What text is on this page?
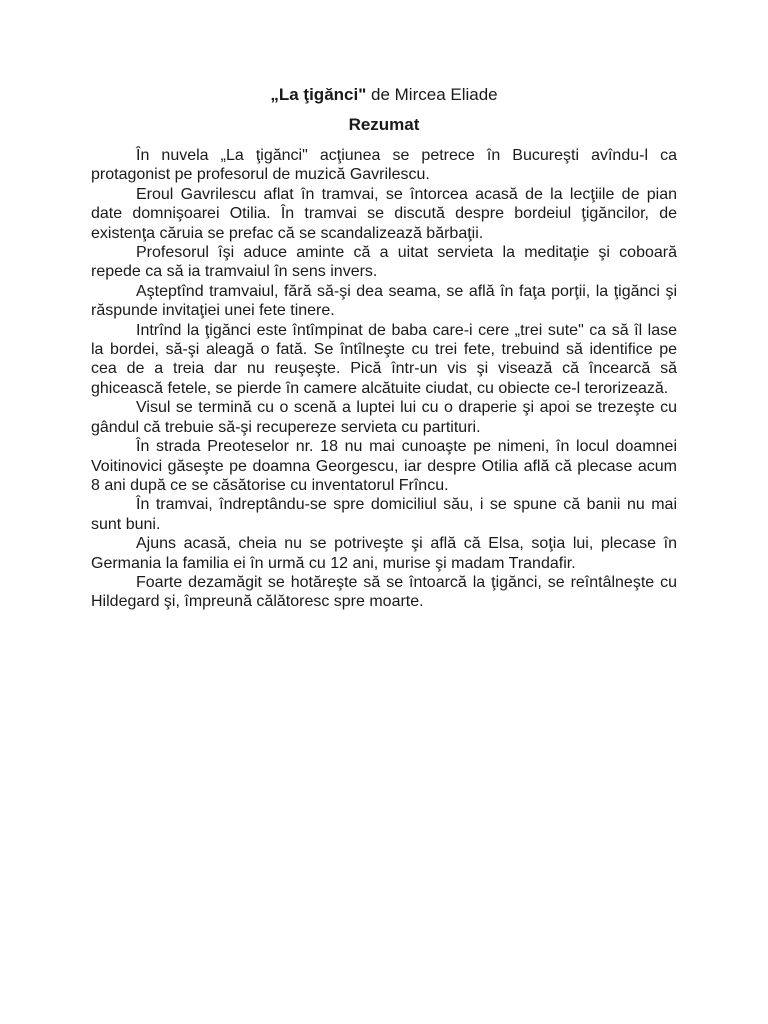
„La ţigănci" de Mircea Eliade
Rezumat

În nuvela „La ţigănci" acţiunea se petrece în Bucureşti avîndu-l ca protagonist pe profesorul de muzică Gavrilescu.

Eroul Gavrilescu aflat în tramvai, se întorcea acasă de la lecţiile de pian date domnişoarei Otilia. În tramvai se discută despre bordeiul ţigăncilor, de existenţa căruia se prefac că se scandalizează bărbaţii.

Profesorul îşi aduce aminte că a uitat servieta la meditaţie şi coboară repede ca să ia tramvaiul în sens invers.

Aşteptînd tramvaiul, fără să-şi dea seama, se află în faţa porţii, la ţigănci şi răspunde invitaţiei unei fete tinere.

Intrînd la ţigănci este întîmpinat de baba care-i cere „trei sute" ca să îl lase la bordei, să-şi aleagă o fată. Se întîlneşte cu trei fete, trebuind să identifice pe cea de a treia dar nu reuşeşte. Pică într-un vis şi visează că încearcă să ghicească fetele, se pierde în camere alcătuite ciudat, cu obiecte ce-l terorizează.

Visul se termină cu o scenă a luptei lui cu o draperie şi apoi se trezeşte cu gândul că trebuie să-şi recupereze servieta cu partituri.

În strada Preoteselor nr. 18 nu mai cunoaşte pe nimeni, în locul doamnei Voitinovici găseşte pe doamna Georgescu, iar despre Otilia află că plecase acum 8 ani după ce se căsătorise cu inventatorul Frîncu.

În tramvai, îndreptându-se spre domiciliul său, i se spune că banii nu mai sunt buni.

Ajuns acasă, cheia nu se potriveşte şi află că Elsa, soţia lui, plecase în Germania la familia ei în urmă cu 12 ani, murise şi madam Trandafir.

Foarte dezamăgit se hotăreşte să se întoarcă la ţigănci, se reîntâlneşte cu Hildegard şi, împreună călătoresc spre moarte.
